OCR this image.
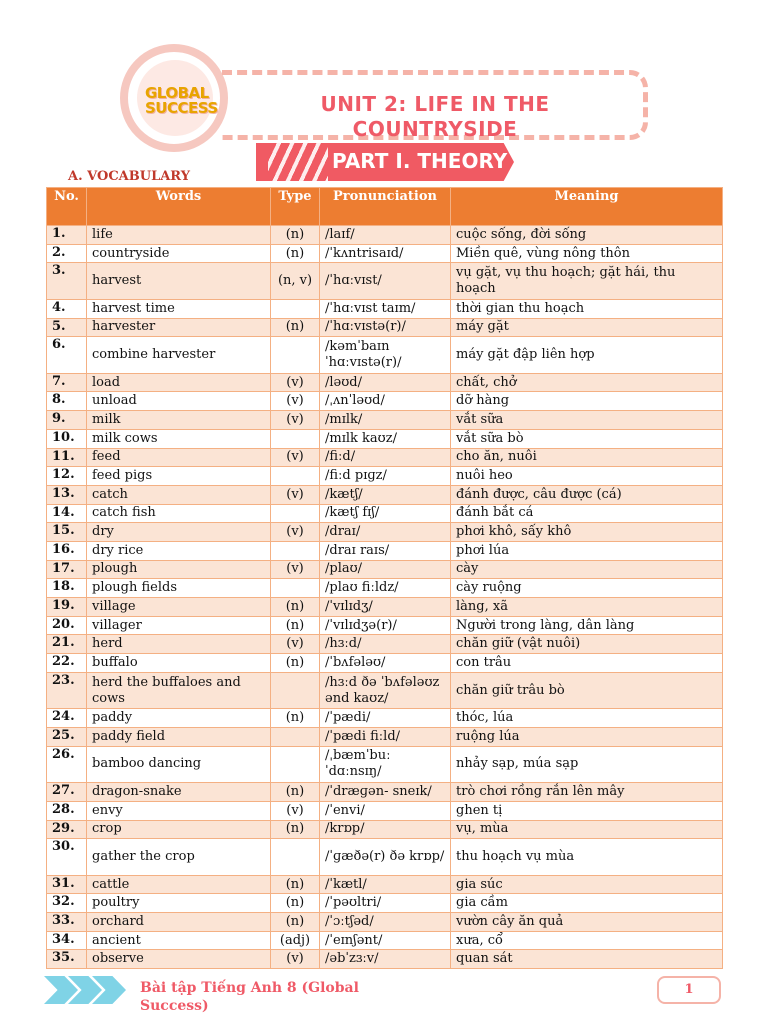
GLOBAL
SUCCESS	UNIT 2: LIFE IN THE
COUNTRYSIDE
PART I. THEORY
A. VOCABULARY
No.	Words	Type	Pronunciation	Meaning
1.	life	(n)	/laɪf/	cuộc sống, đời sống
2.	countryside	(n)	/ˈkʌntrisaɪd/	Miền quê, vùng nông thôn
3.	harvest	(n, v)	/ˈhɑːvɪst/	vụ gặt, vụ thu hoạch; gặt hái, thu hoạch
4.	harvest time		/ˈhɑːvɪst taɪm/	thời gian thu hoạch
5.	harvester	(n)	/ˈhɑːvɪstə(r)/	máy gặt
6.	combine harvester		/kəmˈbaɪn ˈhɑːvɪstə(r)/	máy gặt đập liên hợp
7.	load	(v)	/ləʊd/	chất, chở
8.	unload	(v)	/ˌʌnˈləʊd/	dỡ hàng
9.	milk	(v)	/mɪlk/	vắt sữa
10.	milk cows		/mɪlk kaʊz/	vắt sữa bò
11.	feed	(v)	/fiːd/	cho ăn, nuôi
12.	feed pigs		/fiːd pɪɡz/	nuôi heo
13.	catch	(v)	/kætʃ/	đánh được, câu được (cá)
14.	catch fish		/kætʃ fɪʃ/	đánh bắt cá
15.	dry	(v)	/draɪ/	phơi khô, sấy khô
16.	dry rice		/draɪ raɪs/	phơi lúa
17.	plough	(v)	/plaʊ/	cày
18.	plough fields		/plaʊ fiːldz/	cày ruộng
19.	village	(n)	/ˈvɪlɪdʒ/	làng, xã
20.	villager	(n)	/ˈvɪlɪdʒə(r)/	Người trong làng, dân làng
21.	herd	(v)	/hɜːd/	chăn giữ (vật nuôi)
22.	buffalo	(n)	/ˈbʌfələʊ/	con trâu
23.	herd the buffaloes and cows		/hɜːd ðə ˈbʌfələʊz ənd kaʊz/	chăn giữ trâu bò
24.	paddy	(n)	/ˈpædi/	thóc, lúa
25.	paddy field		/ˈpædi fiːld/	ruộng lúa
26.	bamboo dancing		/ˌbæmˈbuː ˈdɑːnsɪŋ/	nhảy sạp, múa sạp
27.	dragon-snake	(n)	/ˈdræɡən- sneɪk/	trò chơi rồng rắn lên mây
28.	envy	(v)	/ˈenvi/	ghen tị
29.	crop	(n)	/krɒp/	vụ, mùa
30.	gather the crop		/ˈɡæðə(r) ðə krɒp/	thu hoạch vụ mùa
31.	cattle	(n)	/ˈkætl/	gia súc
32.	poultry	(n)	/ˈpəʊltri/	gia cầm
33.	orchard	(n)	/ˈɔːtʃəd/	vườn cây ăn quả
34.	ancient	(adj)	/ˈeɪnʃənt/	xưa, cổ
35.	observe	(v)	/əbˈzɜːv/	quan sát
Bài tập Tiếng Anh 8 (Global Success)
1
